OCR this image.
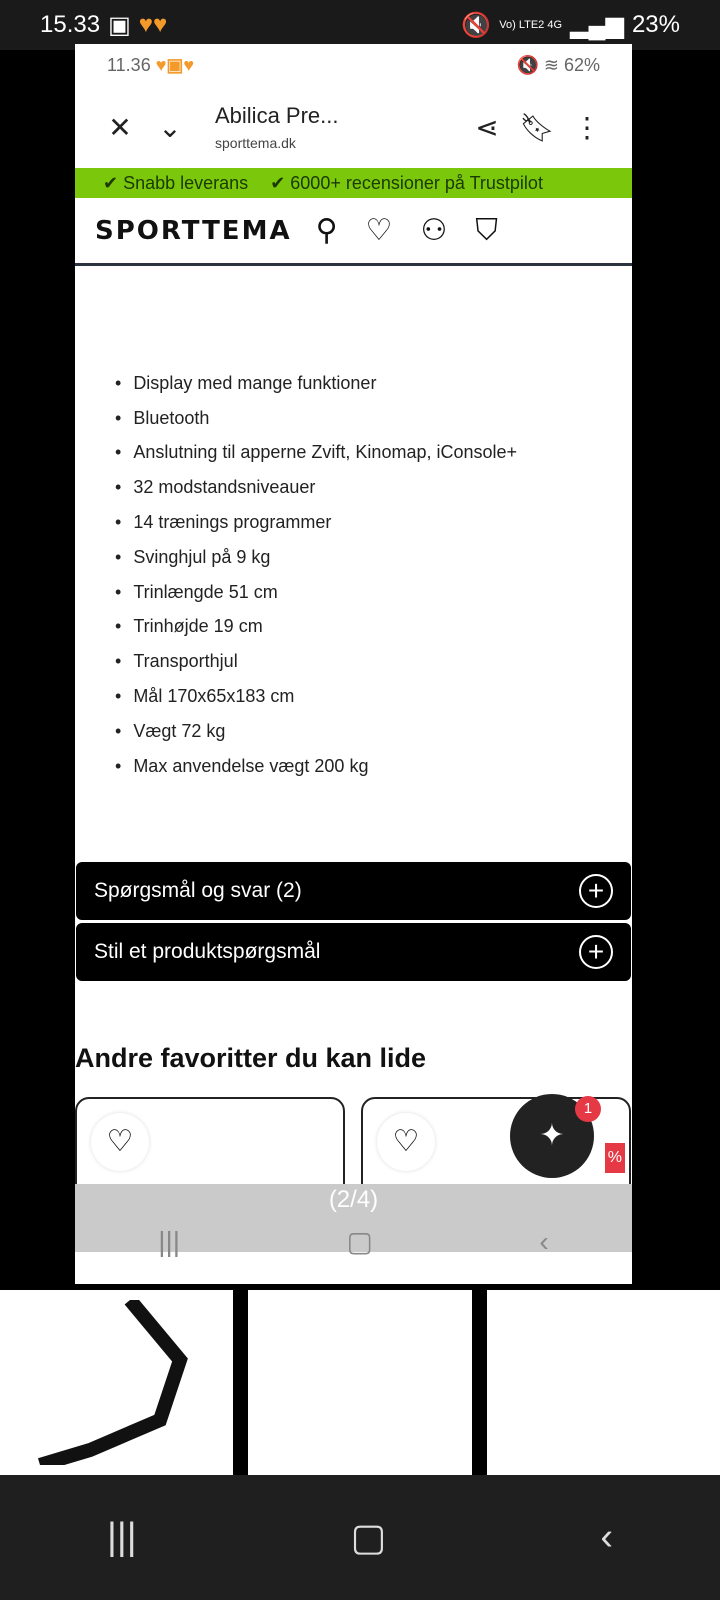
15.33 ▣ ♥♥	🔇 Vo) LTE2 4G ▂▄▆ 23%
11.36 ♥▣♥	🔇 ≋ 62%
✕ ⌄	Abilica Pre...
sporttema.dk
⋖ 🔖︎ ⋮
✔ Snabb leverans ✔ 6000+ recensioner på Trustpilot
SPORTTEMA ⚲ ♡ ⚇ ⛉
• Display med mange funktioner
• Bluetooth
• Anslutning til apperne Zvift, Kinomap, iConsole+
• 32 modstandsniveauer
• 14 trænings programmer
• Svinghjul på 9 kg
• Trinlængde 51 cm
• Trinhøjde 19 cm
• Transporthjul
• Mål 170x65x183 cm
• Vægt 72 kg
• Max anvendelse vægt 200 kg
Spørgsmål og svar (2)	+
Stil et produktspørgsmål	+
Andre favoritter du kan lide
♡	♡	%
✦
1
(2/4)
|||	▢	‹
|||	▢	‹
